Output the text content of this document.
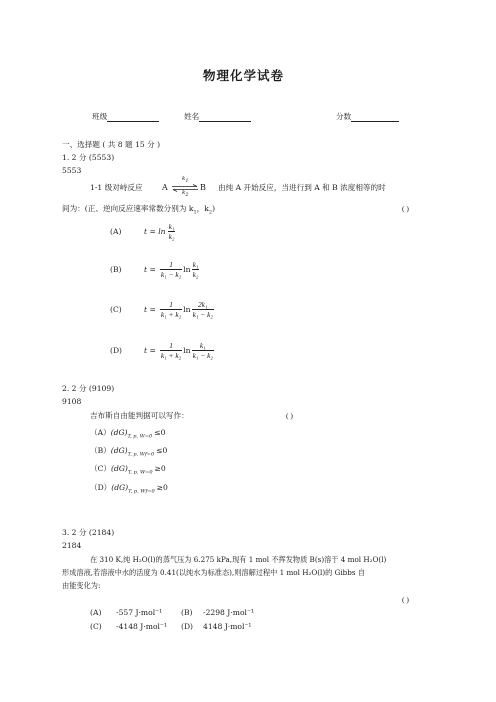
物理化学试卷
班级	姓名	分数
一、选择题 ( 共 8 题 15 分 )
1. 2 分 (5553)
5553
1-1 级对峙反应 A
$k_1$
$k_2$
B 由纯 A 开始反应，当进行到 A 和 B 浓度相等的时
间为：(正、逆向反应速率常数分别为 $k_1$，$k_2$)	( )
(A)	$t = \ln \frac{\text{k₁}}{\text{k₂}}$
(B)	$t = \frac{1}{\text{k₁ − k₂}}$ $\ln \frac{\text{k₁}}{\text{k₂}}$
(C)	$t = \frac{1}{\text{k₁ + k₂}}$ $\ln \frac{\text{2k₁}}{\text{k₁ − k₂}}$
(D)	$t = \frac{1}{\text{k₁ + k₂}}$ $\ln \frac{\text{k₁}}{\text{k₁ − k₂}}$
2. 2 分 (9109)
9108
吉布斯自由能判据可以写作：	( )
$(A)(dG)_{T, p, W=0} \le 0$
$(B)(dG)_{T, p, Wf=0} \le 0$
$(C)(dG)_{T, p, W=0} \ge 0$
$(D)(dG)_{T, p, Wf=0} \ge 0$
3. 2 分 (2184)
2184
在 310 K,纯 H₂O(l)的蒸气压为 6.275 kPa,现有 1 mol 不挥发物质 B(s)溶于 4 mol H₂O(l)
形成溶液,若溶液中水的活度为 0.41(以纯水为标准态),则溶解过程中 1 mol H₂O(l)的 Gibbs 自
由能变化为:
( )
(A) -557 J·mol⁻¹ (B) -2298 J·mol⁻¹
(C) -4148 J·mol⁻¹ (D) 4148 J·mol⁻¹
